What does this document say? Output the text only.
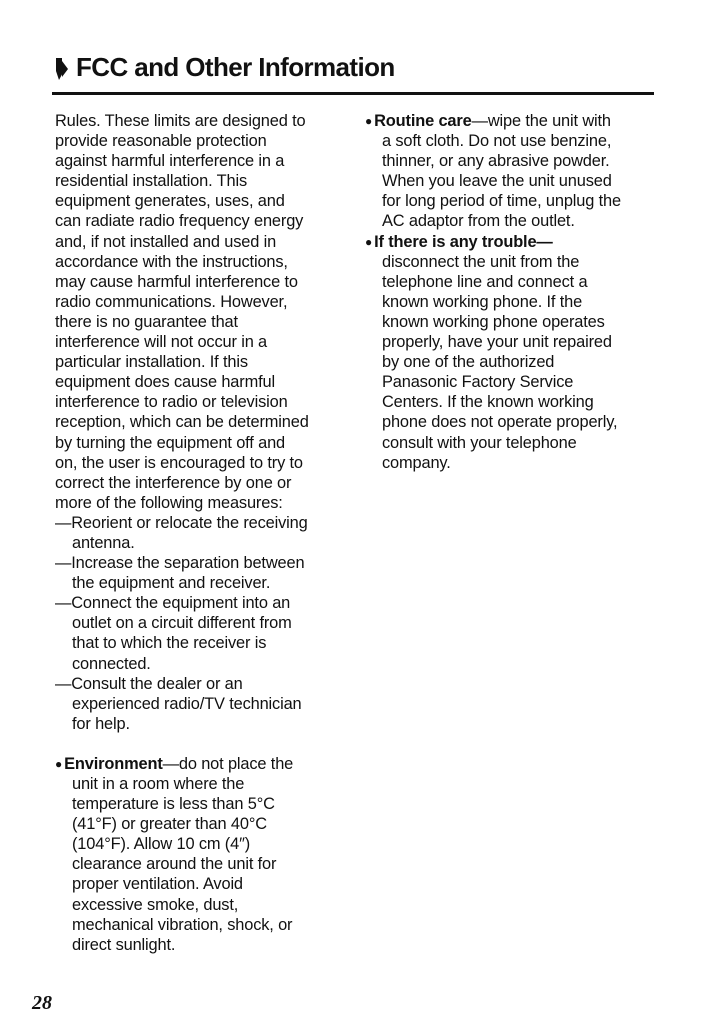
FCC and Other Information
Rules. These limits are designed to
provide reasonable protection
against harmful interference in a
residential installation. This
equipment generates, uses, and
can radiate radio frequency energy
and, if not installed and used in
accordance with the instructions,
may cause harmful interference to
radio communications. However,
there is no guarantee that
interference will not occur in a
particular installation. If this
equipment does cause harmful
interference to radio or television
reception, which can be determined
by turning the equipment off and
on, the user is encouraged to try to
correct the interference by one or
more of the following measures:
—Reorient or relocate the receiving
antenna.
—Increase the separation between
the equipment and receiver.
—Connect the equipment into an
outlet on a circuit different from
that to which the receiver is
connected.
—Consult the dealer or an
experienced radio/TV technician
for help.
● Environment—do not place the
unit in a room where the
temperature is less than 5°C
(41°F) or greater than 40°C
(104°F). Allow 10 cm (4″)
clearance around the unit for
proper ventilation. Avoid
excessive smoke, dust,
mechanical vibration, shock, or
direct sunlight.
● Routine care—wipe the unit with
a soft cloth. Do not use benzine,
thinner, or any abrasive powder.
When you leave the unit unused
for long period of time, unplug the
AC adaptor from the outlet.
● If there is any trouble—
disconnect the unit from the
telephone line and connect a
known working phone. If the
known working phone operates
properly, have your unit repaired
by one of the authorized
Panasonic Factory Service
Centers. If the known working
phone does not operate properly,
consult with your telephone
company.
28
